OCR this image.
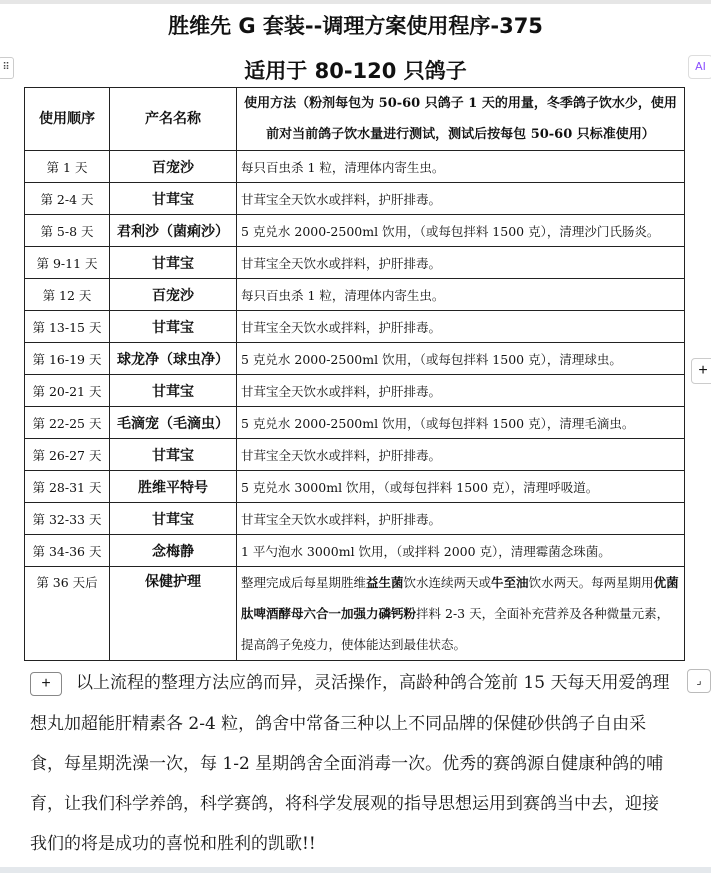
胜维先 G 套装--调理方案使用程序-375
⠿	适用于 80-120 只鸽子	AI
+
使用顺序	产名名称	使用方法（粉剂每包为 50-60 只鸽子 1 天的用量，冬季鸽子饮水少，使用前对当前鸽子饮水量进行测试，测试后按每包 50-60 只标准使用）
第 1 天	百宠沙	每只百虫杀 1 粒，清理体内寄生虫。
第 2-4 天	甘茸宝	甘茸宝全天饮水或拌料，护肝排毒。
第 5-8 天	君利沙（菌痢沙）	5 克兑水 2000-2500ml 饮用，（或每包拌料 1500 克），清理沙门氏肠炎。
第 9-11 天	甘茸宝	甘茸宝全天饮水或拌料，护肝排毒。
第 12 天	百宠沙	每只百虫杀 1 粒，清理体内寄生虫。
第 13-15 天	甘茸宝	甘茸宝全天饮水或拌料，护肝排毒。
第 16-19 天	球龙净（球虫净）	5 克兑水 2000-2500ml 饮用，（或每包拌料 1500 克），清理球虫。
第 20-21 天	甘茸宝	甘茸宝全天饮水或拌料，护肝排毒。
第 22-25 天	毛滴宠（毛滴虫）	5 克兑水 2000-2500ml 饮用，（或每包拌料 1500 克），清理毛滴虫。
第 26-27 天	甘茸宝	甘茸宝全天饮水或拌料，护肝排毒。
第 28-31 天	胜维平特号	5 克兑水 3000ml 饮用，（或每包拌料 1500 克），清理呼吸道。
第 32-33 天	甘茸宝	甘茸宝全天饮水或拌料，护肝排毒。
第 34-36 天	念梅静	1 平勺泡水 3000ml 饮用，（或拌料 2000 克），清理霉菌念珠菌。
第 36 天后	保健护理	整理完成后每星期胜维益生菌饮水连续两天或牛至油饮水两天。每两星期用优菌肽啤酒酵母六合一加强力磷钙粉拌料 2-3 天，全面补充营养及各种微量元素，提高鸽子免疫力，使体能达到最佳状态。
+ 以上流程的整理方法应鸽而异，灵活操作，高龄种鸽合笼前 15 天每天用爱鸽理想丸加超能肝精素各 2-4 粒，鸽舍中常备三种以上不同品牌的保健砂供鸽子自由采食，每星期洗澡一次，每 1-2 星期鸽舍全面消毒一次。优秀的赛鸽源自健康种鸽的哺育，让我们科学养鸽，科学赛鸽，将科学发展观的指导思想运用到赛鸽当中去，迎接我们的将是成功的喜悦和胜利的凯歌!!
⌟
